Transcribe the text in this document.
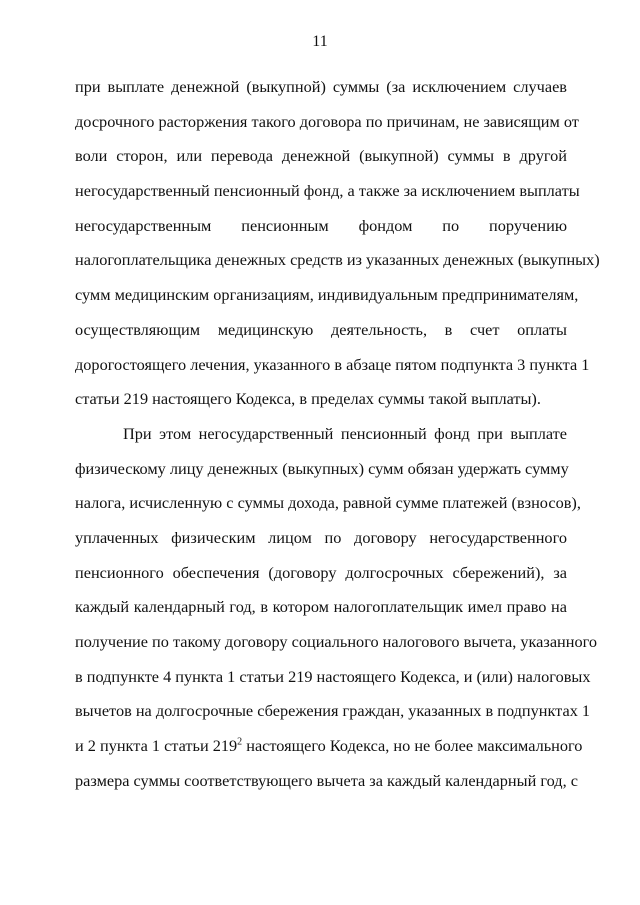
11
при выплате денежной (выкупной) суммы (за исключением случаев
досрочного расторжения такого договора по причинам, не зависящим от
воли сторон, или перевода денежной (выкупной) суммы в другой
негосударственный пенсионный фонд, а также за исключением выплаты
негосударственным пенсионным фондом по поручению
налогоплательщика денежных средств из указанных денежных (выкупных)
сумм медицинским организациям, индивидуальным предпринимателям,
осуществляющим медицинскую деятельность, в счет оплаты
дорогостоящего лечения, указанного в абзаце пятом подпункта 3 пункта 1
статьи 219 настоящего Кодекса, в пределах суммы такой выплаты).
При этом негосударственный пенсионный фонд при выплате
физическому лицу денежных (выкупных) сумм обязан удержать сумму
налога, исчисленную с суммы дохода, равной сумме платежей (взносов),
уплаченных физическим лицом по договору негосударственного
пенсионного обеспечения (договору долгосрочных сбережений), за
каждый календарный год, в котором налогоплательщик имел право на
получение по такому договору социального налогового вычета, указанного
в подпункте 4 пункта 1 статьи 219 настоящего Кодекса, и (или) налоговых
вычетов на долгосрочные сбережения граждан, указанных в подпунктах 1
и 2 пункта 1 статьи $219^2$ настоящего Кодекса, но не более максимального
размера суммы соответствующего вычета за каждый календарный год, с
